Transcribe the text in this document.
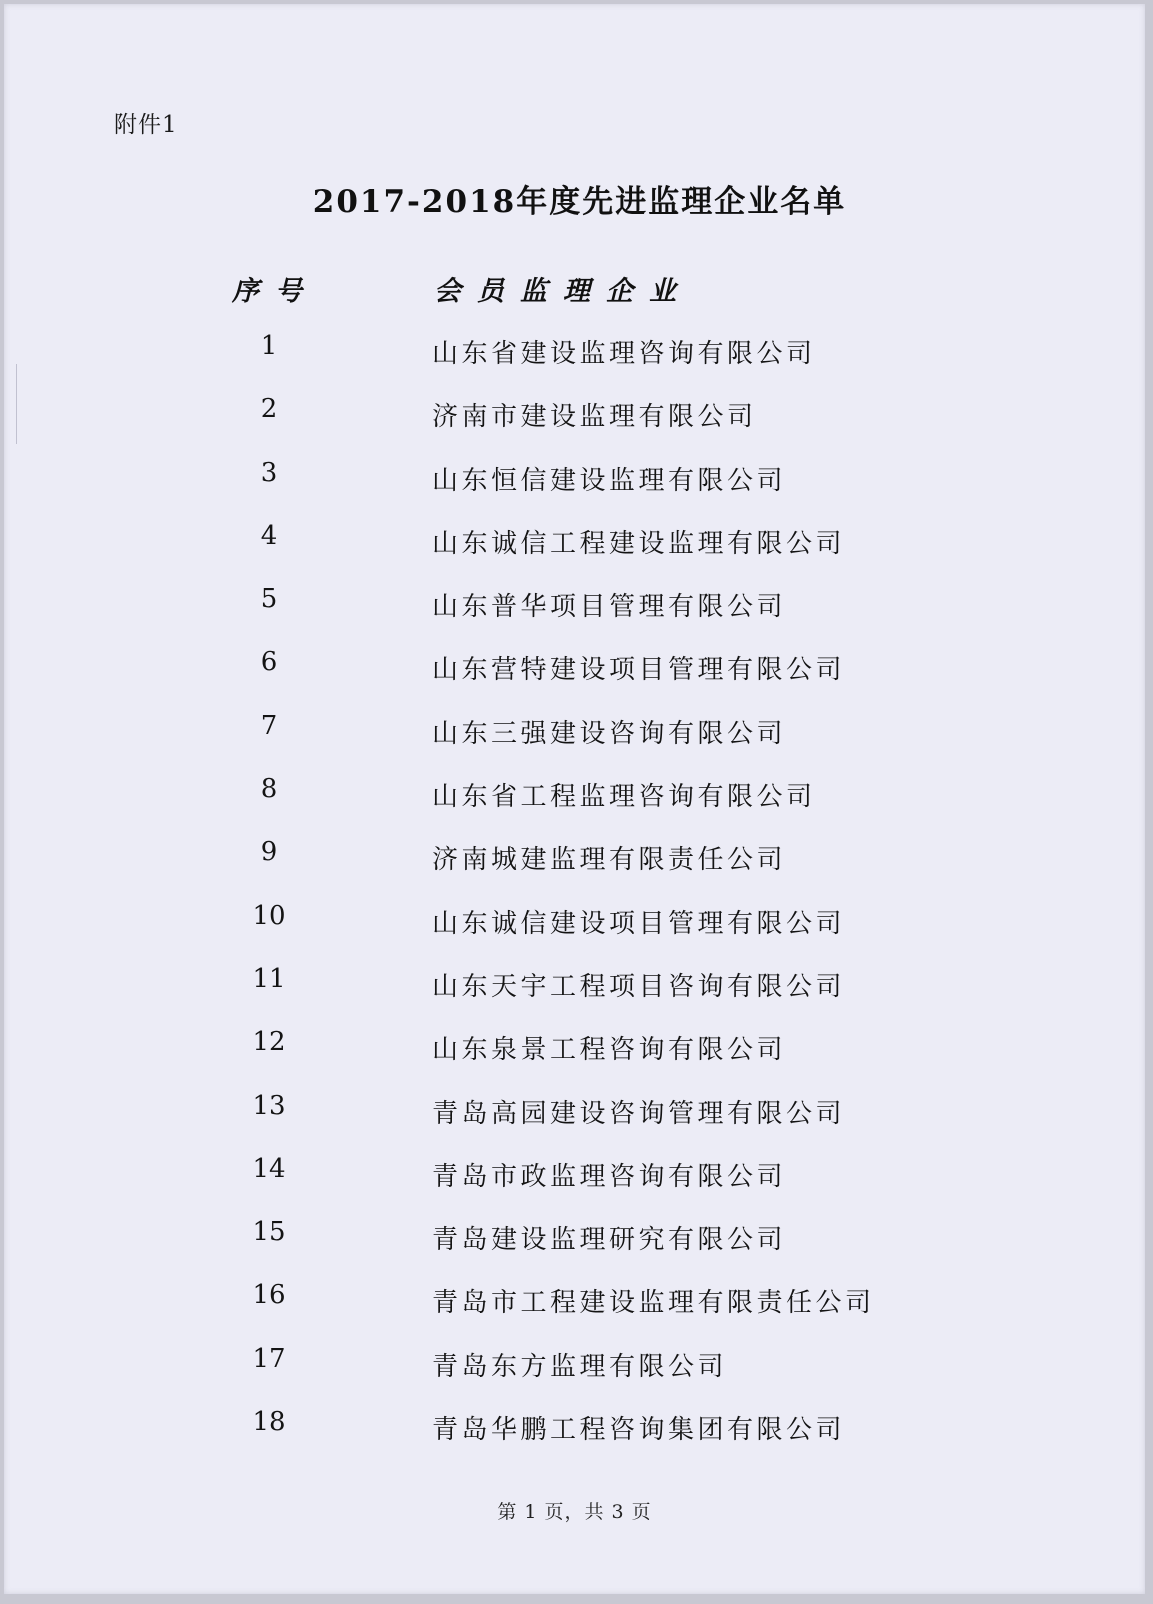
附件1
2017-2018年度先进监理企业名单
序号	会员监理企业
1	山东省建设监理咨询有限公司
2	济南市建设监理有限公司
3	山东恒信建设监理有限公司
4	山东诚信工程建设监理有限公司
5	山东普华项目管理有限公司
6	山东营特建设项目管理有限公司
7	山东三强建设咨询有限公司
8	山东省工程监理咨询有限公司
9	济南城建监理有限责任公司
10	山东诚信建设项目管理有限公司
11	山东天宇工程项目咨询有限公司
12	山东泉景工程咨询有限公司
13	青岛高园建设咨询管理有限公司
14	青岛市政监理咨询有限公司
15	青岛建设监理研究有限公司
16	青岛市工程建设监理有限责任公司
17	青岛东方监理有限公司
18	青岛华鹏工程咨询集团有限公司
第 1 页，共 3 页
